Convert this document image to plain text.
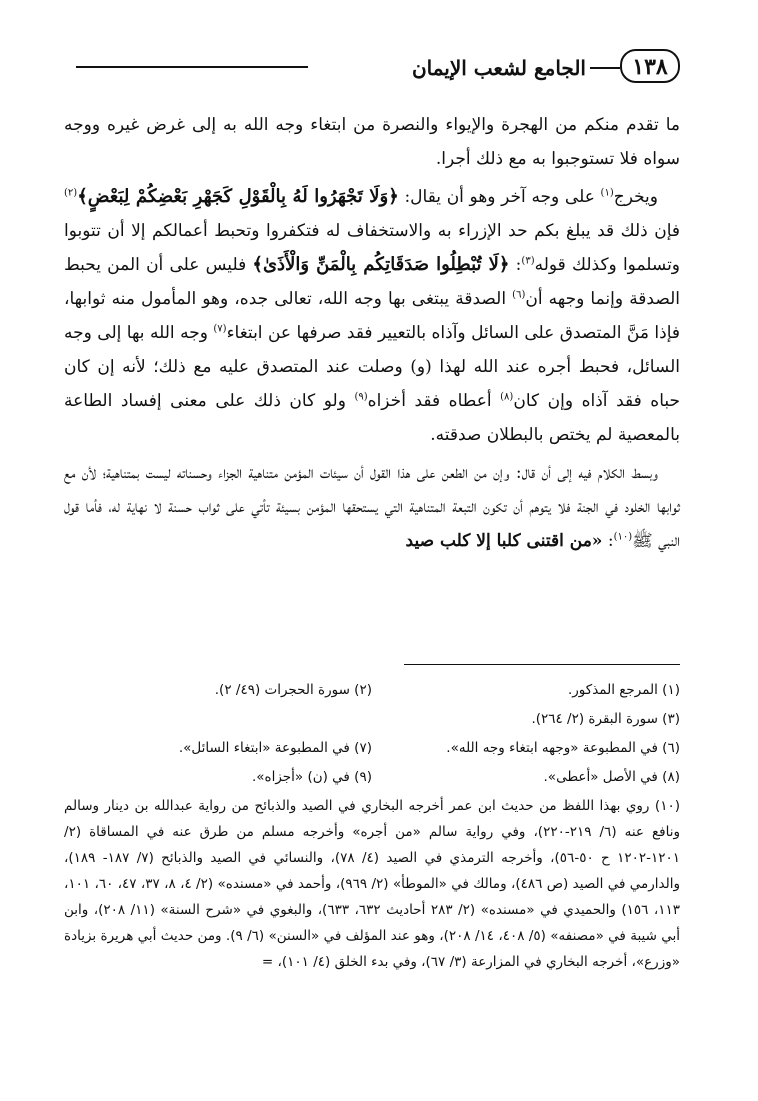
١٣٨
الجامع لشعب الإيمان

ما تقدم منكم من الهجرة والإيواء والنصرة من ابتغاء وجه الله به إلى غرض غيره ووجه سواه فلا تستوجبوا به مع ذلك أجرا.

ويخرج$^{(١)}$ على وجه آخر وهو أن يقال: ﴿وَلَا تَجْهَرُوا لَهُ بِالْقَوْلِ كَجَهْرِ بَعْضِكُمْ لِبَعْضٍ﴾$^{(٢)}$ فإن ذلك قد يبلغ بكم حد الإزراء به والاستخفاف له فتكفروا وتحبط أعمالكم إلا أن تتوبوا وتسلموا وكذلك قوله$^{(٣)}$: ﴿لَا تُبْطِلُوا صَدَقَاتِكُم بِالْمَنِّ وَالْأَذَىٰ﴾ فليس على أن المن يحبط الصدقة وإنما وجهه أن$^{(٦)}$ الصدقة يبتغى بها وجه الله، تعالى جده، وهو المأمول منه ثوابها، فإذا مَنَّ المتصدق على السائل وآذاه بالتعيير فقد صرفها عن ابتغاء$^{(٧)}$ وجه الله بها إلى وجه السائل، فحبط أجره عند الله لهذا (و) وصلت عند المتصدق عليه مع ذلك؛ لأنه إن كان حباه فقد آذاه وإن كان$^{(٨)}$ أعطاه فقد أخزاه$^{(٩)}$ ولو كان ذلك على معنى إفساد الطاعة بالمعصية لم يختص بالبطلان صدقته.

وبسط الكلام فيه إلى أن قال: وإن من الطعن على هذا القول أن سيئات المؤمن متناهية الجزاء وحسناته ليست بمتناهية؛ لأن مع ثوابها الخلود في الجنة فلا يتوهم أن تكون التبعة المتناهية التي يستحقها المؤمن بسيئة تأتي على ثواب حسنة لا نهاية له، فأما قول النبي ﷺ$^{(١٠)}$: «من اقتنى كلبا إلا كلب صيد

(١) المرجع المذكور.
(٢) سورة الحجرات (٤٩/ ٢).
(٣) سورة البقرة (٢/ ٢٦٤).
(٦) في المطبوعة «وجهه ابتغاء وجه الله».
(٧) في المطبوعة «ابتغاء السائل».
(٨) في الأصل «أعطى».
(٩) في (ن) «أجزاه».
(١٠) روي بهذا اللفظ من حديث ابن عمر أخرجه البخاري في الصيد والذبائح من رواية عبدالله بن دينار وسالم ونافع عنه (٦/ ٢١٩-٢٢٠)، وفي رواية سالم «من أجره» وأخرجه مسلم من طرق عنه في المساقاة (٢/ ١٢٠١-١٢٠٢ ح ٥٠-٥٦)، وأخرجه الترمذي في الصيد (٤/ ٧٨)، والنسائي في الصيد والذبائح (٧/ ١٨٧- ١٨٩)، والدارمي في الصيد (ص ٤٨٦)، ومالك في «الموطأ» (٢/ ٩٦٩)، وأحمد في «مسنده» (٢/ ٤، ٨، ٣٧، ٤٧، ٦٠، ١٠١، ١١٣، ١٥٦) والحميدي في «مسنده» (٢/ ٢٨٣ أحاديث ٦٣٢، ٦٣٣)، والبغوي في «شرح السنة» (١١/ ٢٠٨)، وابن أبي شيبة في «مصنفه» (٥/ ٤٠٨، ١٤/ ٢٠٨)، وهو عند المؤلف في «السنن» (٦/ ٩). ومن حديث أبي هريرة بزيادة «وزرع»، أخرجه البخاري في المزارعة (٣/ ٦٧)، وفي بدء الخلق (٤/ ١٠١)، =
